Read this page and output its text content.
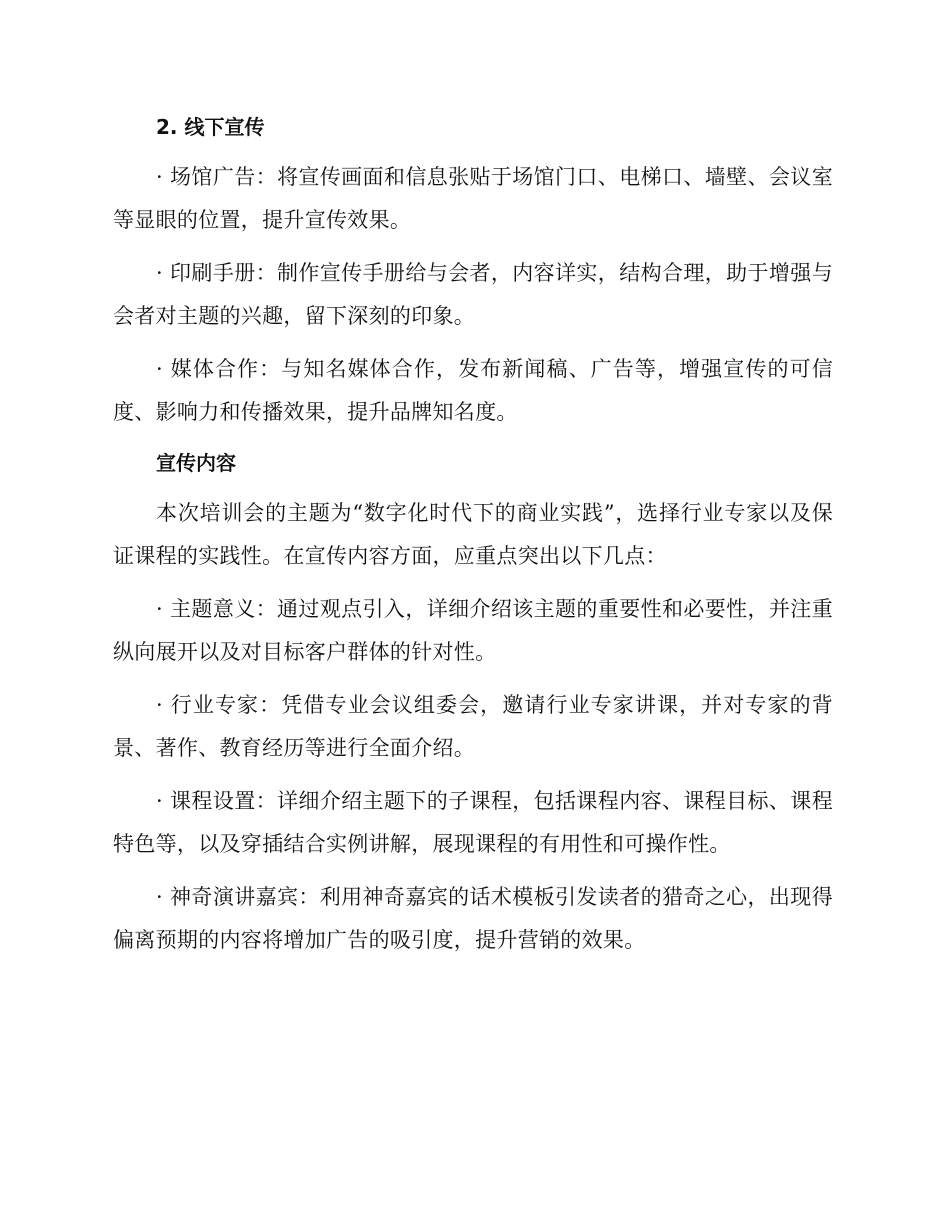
2. 线下宣传

· 场馆广告：将宣传画面和信息张贴于场馆门口、电梯口、墙壁、会议室等显眼的位置，提升宣传效果。

· 印刷手册：制作宣传手册给与会者，内容详实，结构合理，助于增强与会者对主题的兴趣，留下深刻的印象。

· 媒体合作：与知名媒体合作，发布新闻稿、广告等，增强宣传的可信度、影响力和传播效果，提升品牌知名度。

宣传内容

本次培训会的主题为“数字化时代下的商业实践”，选择行业专家以及保证课程的实践性。在宣传内容方面，应重点突出以下几点：

· 主题意义：通过观点引入，详细介绍该主题的重要性和必要性，并注重纵向展开以及对目标客户群体的针对性。

· 行业专家：凭借专业会议组委会，邀请行业专家讲课，并对专家的背景、著作、教育经历等进行全面介绍。

· 课程设置：详细介绍主题下的子课程，包括课程内容、课程目标、课程特色等，以及穿插结合实例讲解，展现课程的有用性和可操作性。

· 神奇演讲嘉宾：利用神奇嘉宾的话术模板引发读者的猎奇之心，出现得偏离预期的内容将增加广告的吸引度，提升营销的效果。
